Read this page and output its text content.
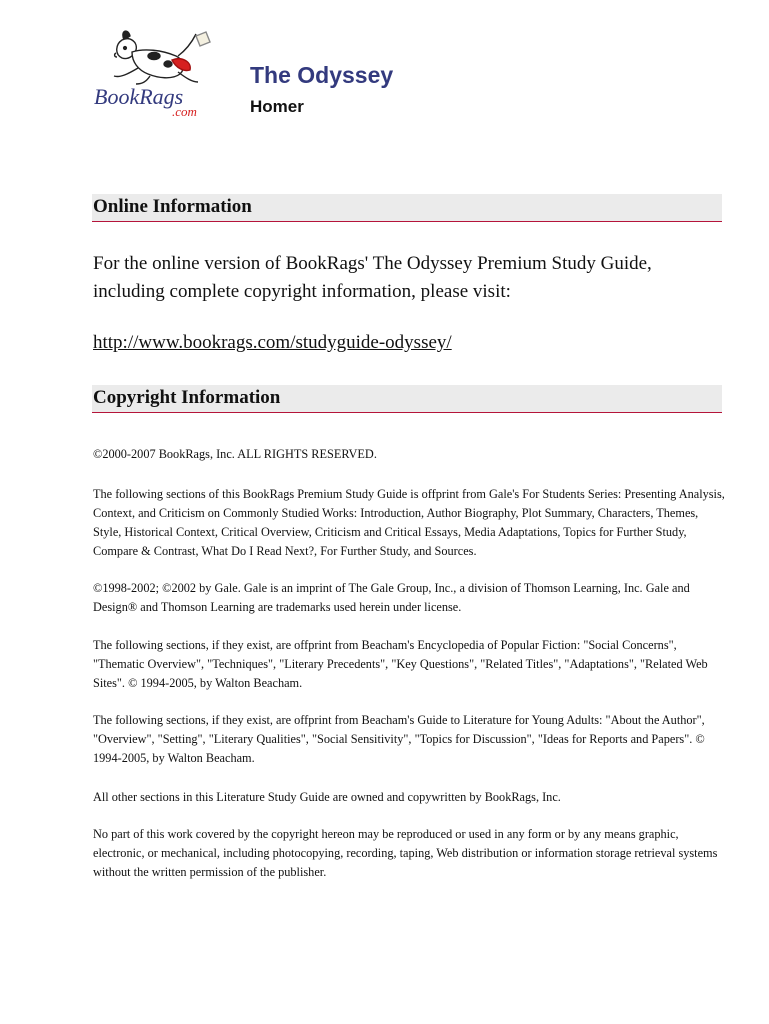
BookRags
.com
The Odyssey
Homer
Online Information

For the online version of BookRags' The Odyssey Premium Study Guide, including complete copyright information, please visit:

http://www.bookrags.com/studyguide-odyssey/
Copyright Information

©2000-2007 BookRags, Inc. ALL RIGHTS RESERVED.

The following sections of this BookRags Premium Study Guide is offprint from Gale's For Students Series: Presenting Analysis, Context, and Criticism on Commonly Studied Works: Introduction, Author Biography, Plot Summary, Characters, Themes, Style, Historical Context, Critical Overview, Criticism and Critical Essays, Media Adaptations, Topics for Further Study, Compare & Contrast, What Do I Read Next?, For Further Study, and Sources.

©1998-2002; ©2002 by Gale. Gale is an imprint of The Gale Group, Inc., a division of Thomson Learning, Inc. Gale and Design® and Thomson Learning are trademarks used herein under license.

The following sections, if they exist, are offprint from Beacham's Encyclopedia of Popular Fiction: "Social Concerns", "Thematic Overview", "Techniques", "Literary Precedents", "Key Questions", "Related Titles", "Adaptations", "Related Web Sites". © 1994-2005, by Walton Beacham.

The following sections, if they exist, are offprint from Beacham's Guide to Literature for Young Adults: "About the Author", "Overview", "Setting", "Literary Qualities", "Social Sensitivity", "Topics for Discussion", "Ideas for Reports and Papers". © 1994-2005, by Walton Beacham.

All other sections in this Literature Study Guide are owned and copywritten by BookRags, Inc.

No part of this work covered by the copyright hereon may be reproduced or used in any form or by any means graphic, electronic, or mechanical, including photocopying, recording, taping, Web distribution or information storage retrieval systems without the written permission of the publisher.
